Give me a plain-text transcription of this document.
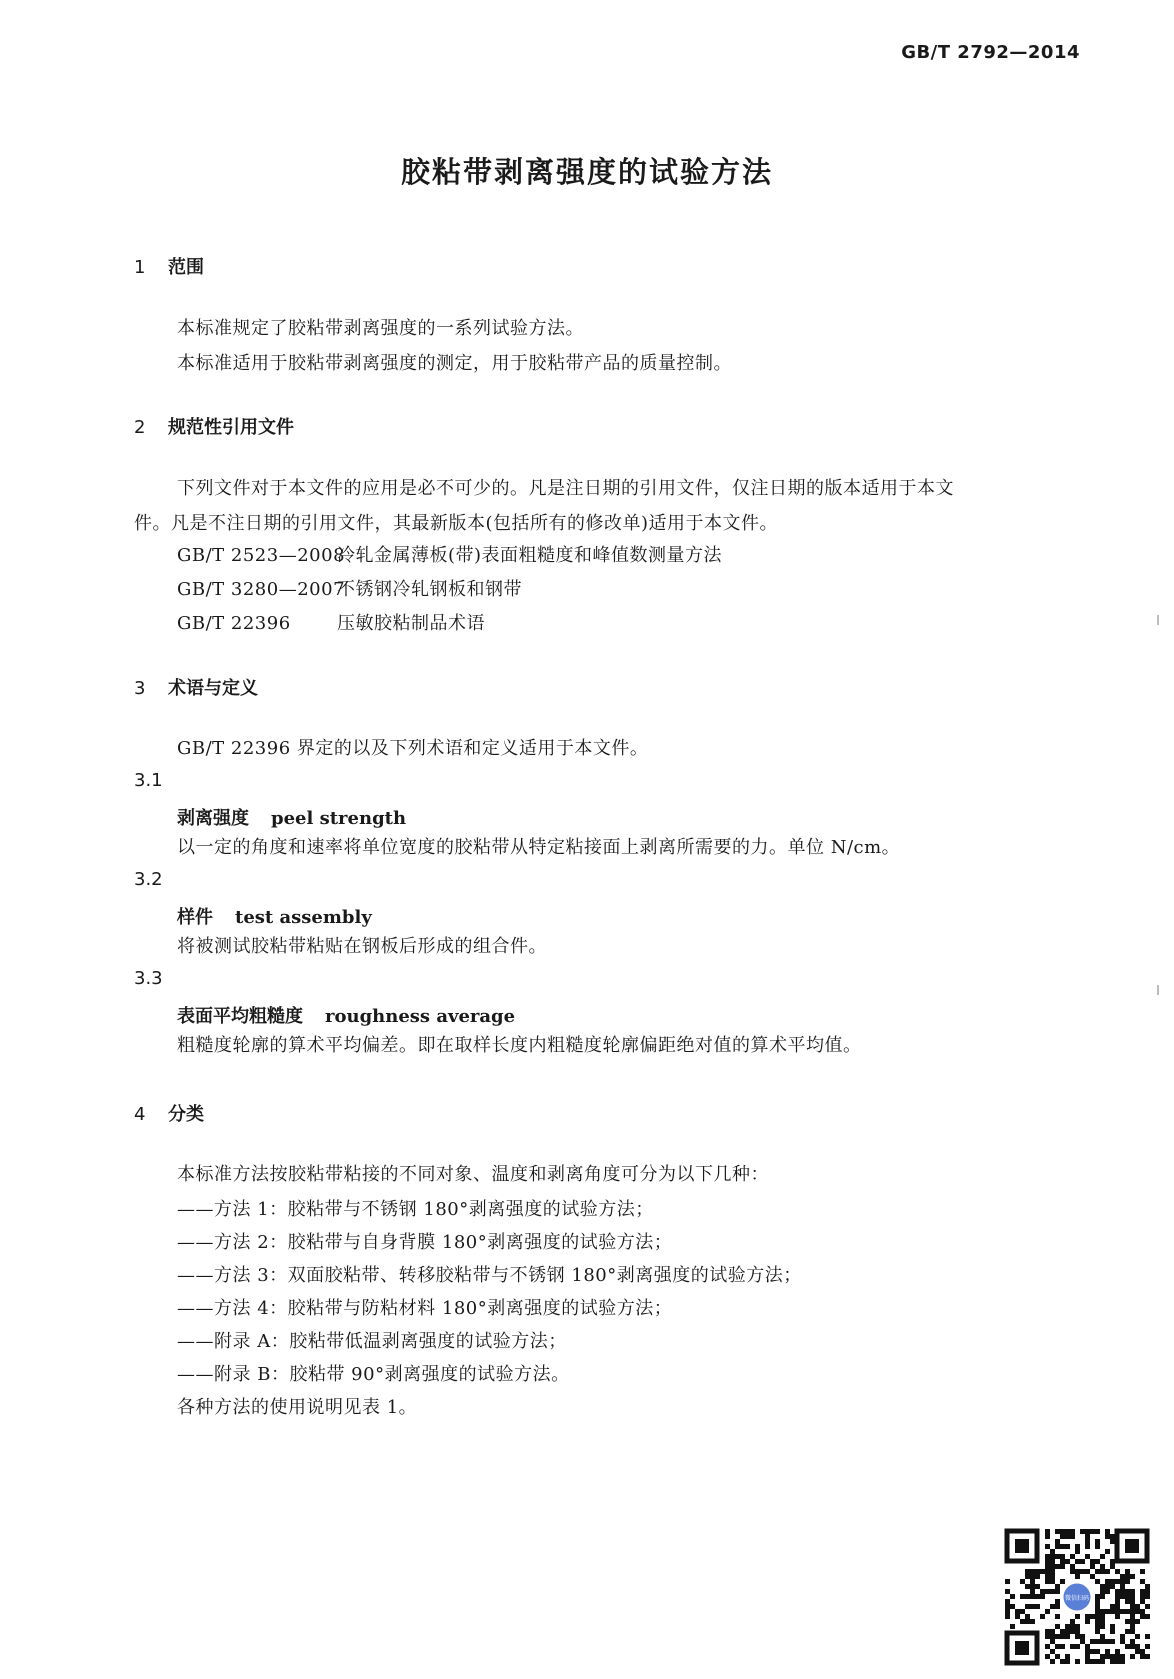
GB/T 2792—2014
胶粘带剥离强度的试验方法
1 范围
本标准规定了胶粘带剥离强度的一系列试验方法。
本标准适用于胶粘带剥离强度的测定，用于胶粘带产品的质量控制。
2 规范性引用文件
下列文件对于本文件的应用是必不可少的。凡是注日期的引用文件，仅注日期的版本适用于本文
件。凡是不注日期的引用文件，其最新版本(包括所有的修改单)适用于本文件。
GB/T 2523—2008冷轧金属薄板(带)表面粗糙度和峰值数测量方法
GB/T 3280—2007不锈钢冷轧钢板和钢带
GB/T 22396	压敏胶粘制品术语
3 术语与定义
GB/T 22396 界定的以及下列术语和定义适用于本文件。
3.1
剥离强度 peel strength
以一定的角度和速率将单位宽度的胶粘带从特定粘接面上剥离所需要的力。单位 N/cm。
3.2
样件 test assembly
将被测试胶粘带粘贴在钢板后形成的组合件。
3.3
表面平均粗糙度 roughness average
粗糙度轮廓的算术平均偏差。即在取样长度内粗糙度轮廓偏距绝对值的算术平均值。
4 分类
本标准方法按胶粘带粘接的不同对象、温度和剥离角度可分为以下几种：
——方法 1：胶粘带与不锈钢 180°剥离强度的试验方法；
——方法 2：胶粘带与自身背膜 180°剥离强度的试验方法；
——方法 3：双面胶粘带、转移胶粘带与不锈钢 180°剥离强度的试验方法；
——方法 4：胶粘带与防粘材料 180°剥离强度的试验方法；
——附录 A：胶粘带低温剥离强度的试验方法；
——附录 B：胶粘带 90°剥离强度的试验方法。
各种方法的使用说明见表 1。
微信扫码
